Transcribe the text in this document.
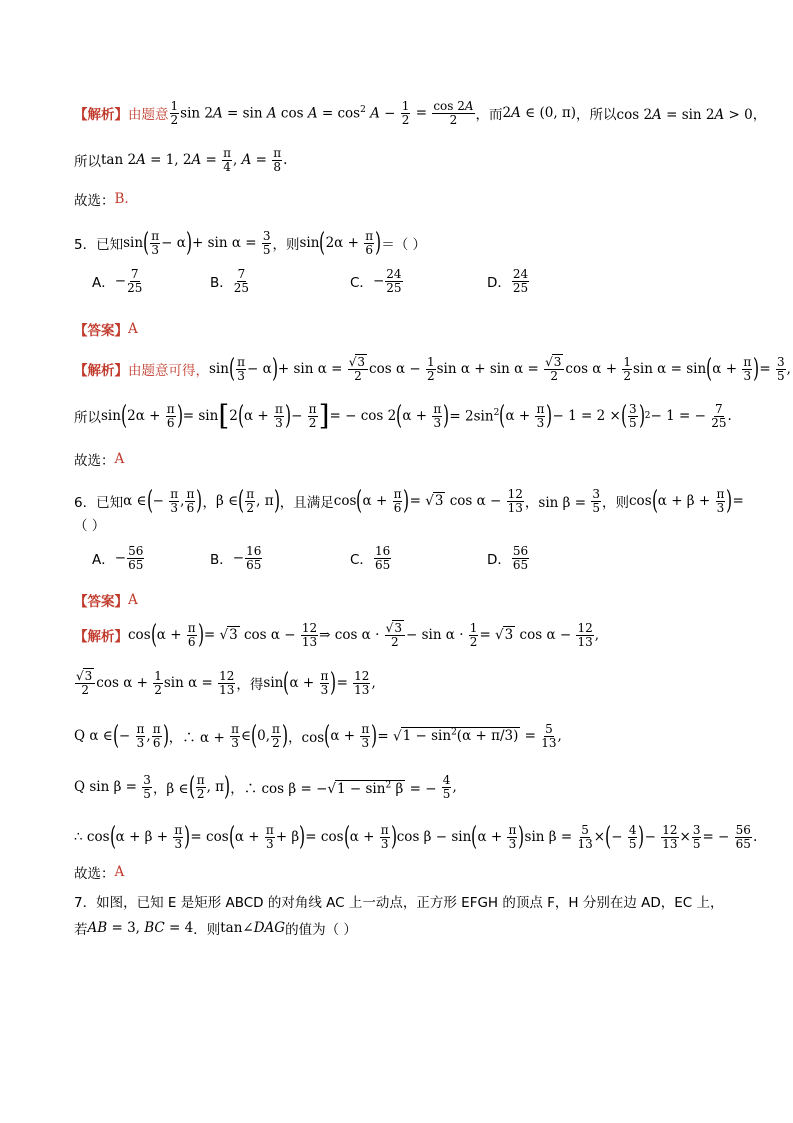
【解析】 由题意
1
2 sin 2A = sin A $\cos A = \cos^2 A - \frac{1}{2} = \frac{\cos 2A}{2}$ ，而 2A ∈ (0, π) ，所以 cos 2A = sin 2A > 0，
所以 tan 2A = 1, $2A = \frac{\pi}{4}$ , $A = \frac{\pi}{8}$ .
故选： B.
5．已知 sin ( π
3 − α ) + $\sin \alpha = \frac{3}{5}$ ，则 sin ( $2\alpha + \frac{\pi}{6}$ ) ＝（ ）
A． − $\frac{7}{25}$	B． $\frac{7}{25}$	C． − $\frac{24}{25}$	D． $\frac{24}{25}$
【答案】 A
【解析】 由题意可得， sin ( π
3 − α ) + $\sin \alpha = \frac{√3}{2}$ $\cos \alpha - \frac{1}{2}$ $\sin \alpha + \sin \alpha = \frac{√3}{2}$ $\cos \alpha + \frac{1}{2}$ sin α = sin ( $\alpha + \frac{\pi}{3}$ ) = $\frac{3}{5}$ ,
所以 sin ( $2\alpha + \frac{\pi}{6}$ ) = sin [ 2 ( $\alpha + \frac{\pi}{3}$ ) − $\frac{\pi}{2}$ ] = − cos 2 ( $\alpha + \frac{\pi}{3}$ ) = $2\sin^2$ ( $\alpha + \frac{\pi}{3}$ ) − 1 = 2 × ( 3
5 ) 2 − 1 = − $\frac{7}{25}$ .
故选： A
6．已知 α ∈ ( − $\frac{\pi}{3}$ , π
6 ) ， β ∈ ( π
2 , π ) ，且满足 cos ( $\alpha + \frac{\pi}{6}$ ) = √3 $\cos \alpha - \frac{12}{13}$ ，$\sin \beta = \frac{3}{5}$ ，则 cos ( $\alpha + \beta + \frac{\pi}{3}$ ) =
（ ）
A． − $\frac{56}{65}$	B． − $\frac{16}{65}$	C． $\frac{16}{65}$	D． $\frac{56}{65}$
【答案】 A
【解析】 cos ( $\alpha + \frac{\pi}{6}$ ) = √3 $\cos \alpha - \frac{12}{13}$ ⇒ cos α · √3
$2 - \sin \alpha \cdot \frac{1}{2} = √3$ $\cos \alpha - \frac{12}{13}$ ,
√3
2 $\cos \alpha + \frac{1}{2}$ $\sin \alpha = \frac{12}{13}$ ，得 sin ( $\alpha + \frac{\pi}{3}$ ) = $\frac{12}{13}$ ,
Q α ∈ ( − $\frac{\pi}{3}$ , π
6 ) ，∴ $\alpha + \frac{\pi}{3}$ ∈ ( 0, π
2 ) ，cos ( $\alpha + \frac{\pi}{3}$ ) = $√1 - \sin^2(\alpha + \pi/3) = \frac{5}{13}$ ,
Q $\sin \beta = \frac{3}{5}$ ，β ∈ ( π
2 , π ) ，∴ $\cos \beta = -√1 - \sin^2 \beta$ = − $\frac{4}{5}$ ,
∴ cos ( $\alpha + \beta + \frac{\pi}{3}$ ) = cos ( $\alpha + \frac{\pi}{3} + \beta$ ) = cos ( $\alpha + \frac{\pi}{3}$ ) cos β − sin ( $\alpha + \frac{\pi}{3}$ ) $\sin \beta = \frac{5}{13}$ × ( − $\frac{4}{5}$ ) − $\frac{12}{13} \times \frac{3}{5}$ = − $\frac{56}{65}$ .
故选： A
7．如图，已知 E 是矩形 ABCD 的对角线 AC 上一动点，正方形 EFGH 的顶点 F，H 分别在边 AD，EC 上，
若 AB = 3, BC = 4 ．则 tan∠DAG 的值为（ ）
